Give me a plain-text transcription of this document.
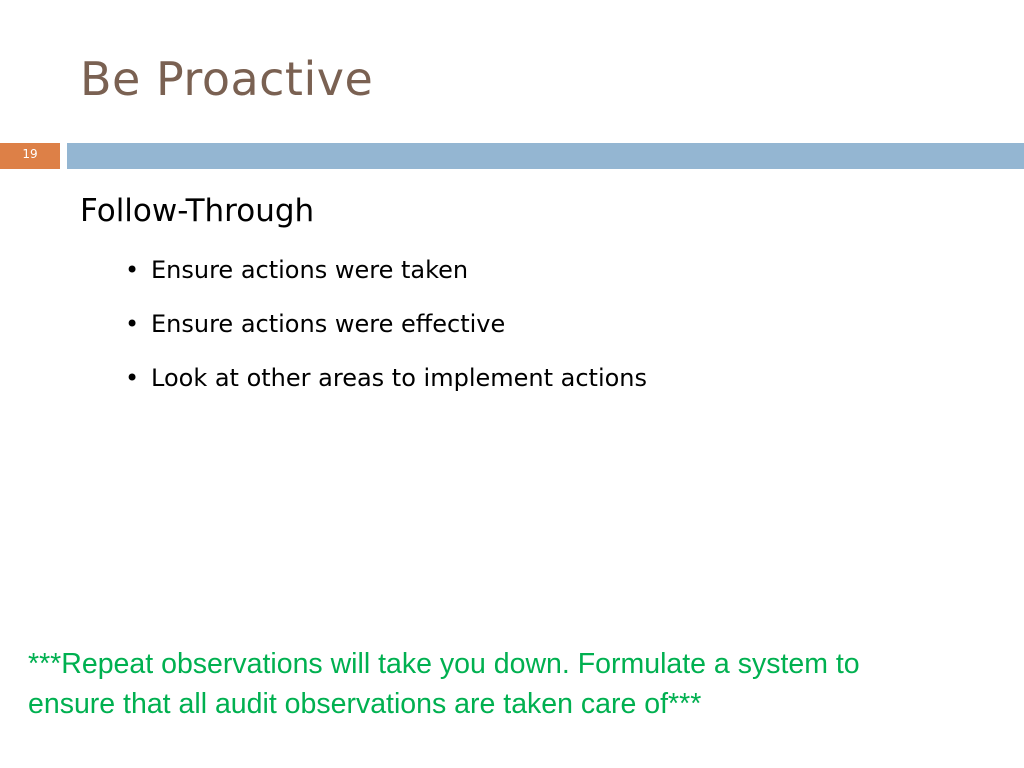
Be Proactive
19
Follow-Through
• Ensure actions were taken
• Ensure actions were effective
• Look at other areas to implement actions

***Repeat observations will take you down. Formulate a system to ensure that all audit observations are taken care of***
